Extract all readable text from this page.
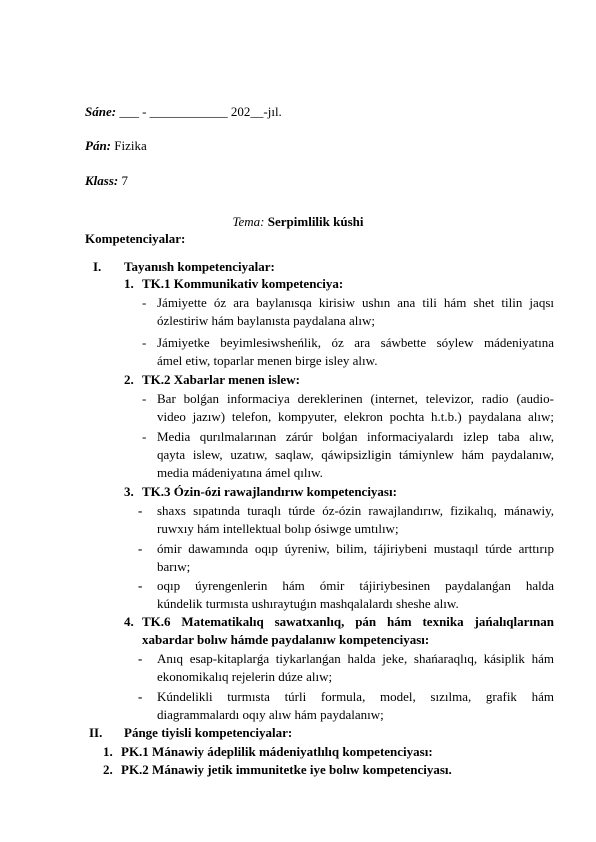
Sáne: ___ - ____________ 202__-jıl.
Pán: Fizika
Klass: 7
Tema: Serpimlilik kúshi
Kompetenciyalar:
I. Tayanısh kompetenciyalar:
1. TK.1 Kommunikativ kompetenciya:
- Jámiyette óz ara baylanısqa kirisiw ushın ana tili hám shet tilin jaqsı
ózlestiriw hám baylanısta paydalana alıw;
- Jámiyetke beyimlesiwsheńlik, óz ara sáwbette sóylew mádeniyatına
ámel etiw, toparlar menen birge isley alıw.
2. TK.2 Xabarlar menen islew:
- Bar bolǵan informaciya dereklerinen (internet, televizor, radio (audio-
video jazıw) telefon, kompyuter, elekron pochta h.t.b.) paydalana alıw;
- Media qurılmalarınan zárúr bolǵan informaciyalardı izlep taba alıw,
qayta islew, uzatıw, saqlaw, qáwipsizligin támiynlew hám paydalanıw,
media mádeniyatına ámel qılıw.
3. TK.3 Ózin-ózi rawajlandırıw kompetenciyası:
- shaxs sıpatında turaqlı túrde óz-ózin rawajlandırıw, fizikalıq, mánawiy,
ruwxıy hám intellektual bolıp ósiwge umtılıw;
- ómir dawamında oqıp úyreniw, bilim, tájiriybeni mustaqıl túrde arttırıp
barıw;
- oqıp úyrengenlerin hám ómir tájiriybesinen paydalanǵan halda
kúndelik turmısta ushıraytuǵın mashqalalardı sheshe alıw.
4. TK.6 Matematikalıq sawatxanlıq, pán hám texnika jańalıqlarınan
xabardar bolıw hámde paydalanıw kompetenciyası:
- Anıq esap-kitaplarǵa tiykarlanǵan halda jeke, shańaraqlıq, kásiplik hám
ekonomikalıq rejelerin dúze alıw;
- Kúndelikli turmısta túrli formula, model, sızılma, grafik hám
diagrammalardı oqıy alıw hám paydalanıw;
II. Pánge tiyisli kompetenciyalar:
1. PK.1 Mánawiy ádeplilik mádeniyatlılıq kompetenciyası:
2. PK.2 Mánawiy jetik immunitetke iye bolıw kompetenciyası.
